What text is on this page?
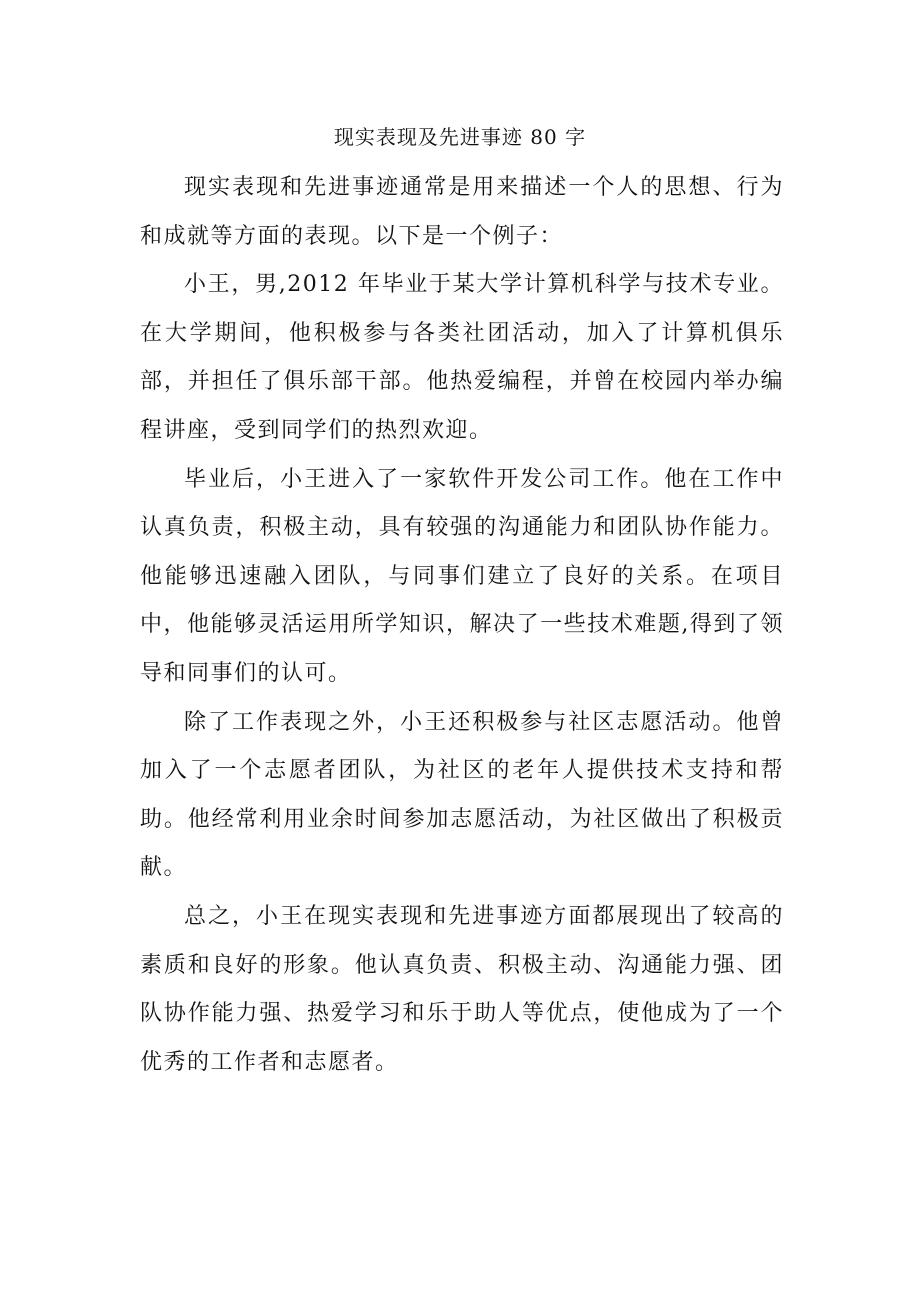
现实表现及先进事迹 80 字

现实表现和先进事迹通常是用来描述一个人的思想、行为和成就等方面的表现。以下是一个例子：

小王，男,2012 年毕业于某大学计算机科学与技术专业。在大学期间，他积极参与各类社团活动，加入了计算机俱乐部，并担任了俱乐部干部。他热爱编程，并曾在校园内举办编程讲座，受到同学们的热烈欢迎。

毕业后，小王进入了一家软件开发公司工作。他在工作中认真负责，积极主动，具有较强的沟通能力和团队协作能力。他能够迅速融入团队，与同事们建立了良好的关系。在项目中，他能够灵活运用所学知识，解决了一些技术难题,得到了领导和同事们的认可。

除了工作表现之外，小王还积极参与社区志愿活动。他曾加入了一个志愿者团队，为社区的老年人提供技术支持和帮助。他经常利用业余时间参加志愿活动，为社区做出了积极贡献。

总之，小王在现实表现和先进事迹方面都展现出了较高的素质和良好的形象。他认真负责、积极主动、沟通能力强、团队协作能力强、热爱学习和乐于助人等优点，使他成为了一个优秀的工作者和志愿者。
